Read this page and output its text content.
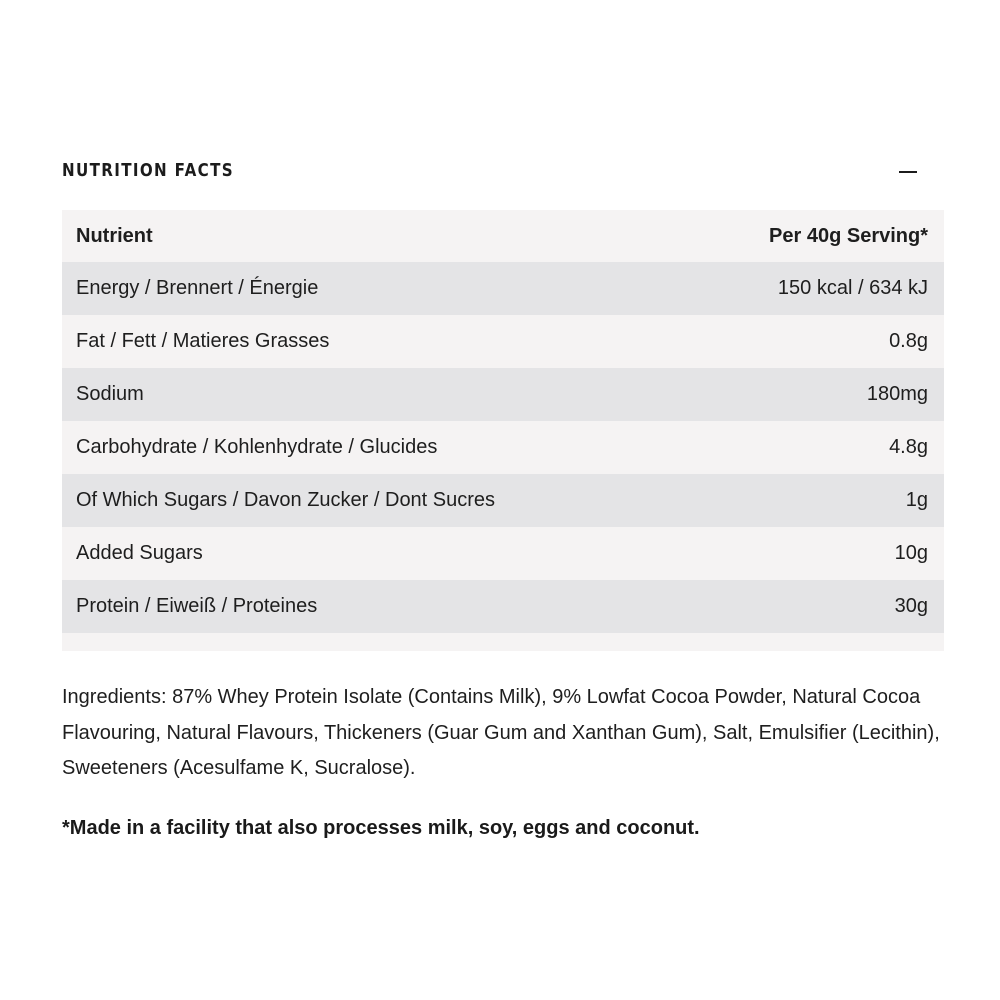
NUTRITION FACTS
Nutrient	Per 40g Serving*
Energy / Brennert / Énergie	150 kcal / 634 kJ
Fat / Fett / Matieres Grasses	0.8g
Sodium	180mg
Carbohydrate / Kohlenhydrate / Glucides	4.8g
Of Which Sugars / Davon Zucker / Dont Sucres	1g
Added Sugars	10g
Protein / Eiweiß / Proteines	30g
Ingredients: 87% Whey Protein Isolate (Contains Milk), 9% Lowfat Cocoa Powder, Natural Cocoa Flavouring, Natural Flavours, Thickeners (Guar Gum and Xanthan Gum), Salt, Emulsifier (Lecithin), Sweeteners (Acesulfame K, Sucralose).
*Made in a facility that also processes milk, soy, eggs and coconut.
